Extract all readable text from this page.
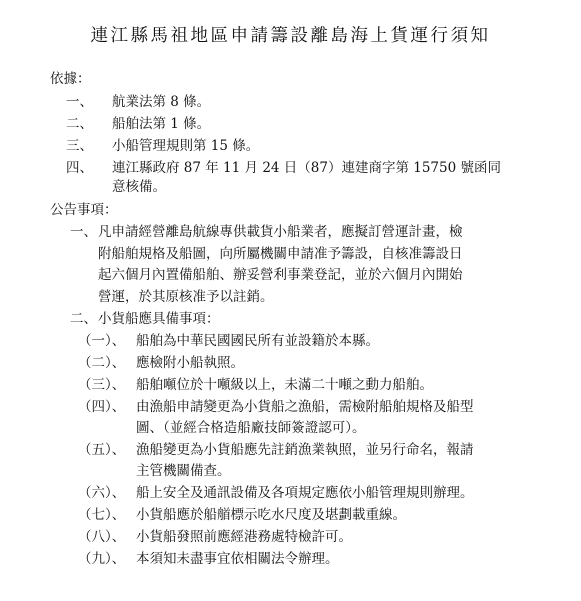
連江縣馬祖地區申請籌設離島海上貨運行須知
依據：
一、 航業法第 8 條。
二、 船舶法第 1 條。
三、 小船管理規則第 15 條。
四、 連江縣政府 87 年 11 月 24 日（87）連建商字第 15750 號函同
意核備。
公告事項：
一、 凡申請經營離島航線專供載貨小船業者，應擬訂營運計畫，檢
附船舶規格及船圖，向所屬機關申請准予籌設，自核准籌設日
起六個月內置備船舶、辦妥營利事業登記，並於六個月內開始
營運，於其原核准予以註銷。
二、 小貨船應具備事項：
（一）、 船舶為中華民國國民所有並設籍於本縣。
（二）、 應檢附小船執照。
（三）、 船舶噸位於十噸級以上，未滿二十噸之動力船舶。
（四）、 由漁船申請變更為小貨船之漁船，需檢附船舶規格及船型
圖、（並經合格造船廠技師簽證認可）。
（五）、 漁船變更為小貨船應先註銷漁業執照，並另行命名，報請
主管機關備查。
（六）、 船上安全及通訊設備及各項規定應依小船管理規則辦理。
（七）、 小貨船應於船艏標示吃水尺度及堪劃載重線。
（八）、 小貨船發照前應經港務處特檢許可。
（九）、 本須知未盡事宜依相關法令辦理。
